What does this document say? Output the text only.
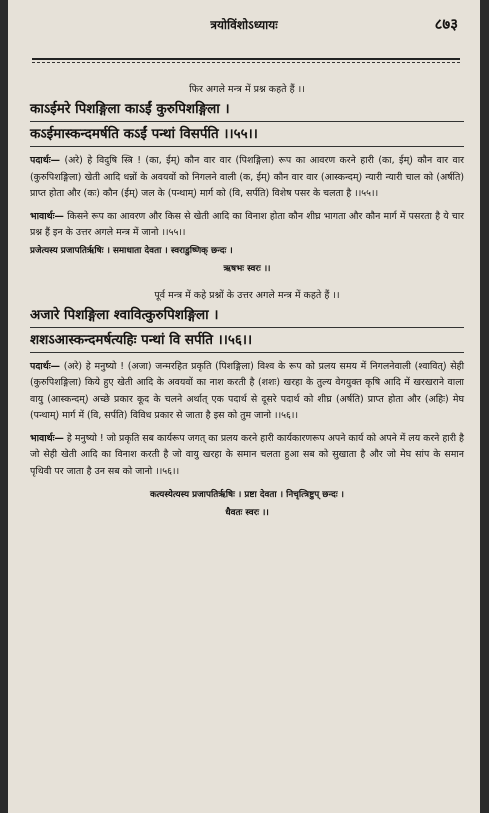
त्रयोविंशोऽध्यायः	८७३
फिर अगले मन्त्र में प्रश्न कहते हैं ।।
काऽईमरे पिशङ्गिला काऽईं कुरुपिशङ्गिला ।
कऽईमास्कन्दमर्षति कऽईं पन्थां विसर्पति ।।५५।।
पदार्थः— (अरे) हे विदुषि स्त्रि ! (का, ईम्) कौन वार वार (पिशङ्गिला) रूप का आवरण करने हारी (का, ईम्) कौन वार वार (कुरुपिशङ्गिला) खेती आदि धन्नों के अवयवों को निगलने वाली (क, ईम्) कौन वार वार (आस्कन्दम्) न्यारी न्यारी चाल को (अर्षति) प्राप्त होता और (कः) कौन (ईम्) जल के (पन्थाम्) मार्ग को (वि, सर्पति) विशेष पसर के चलता है ।।५५।।
भावार्थः— किसने रूप का आवरण और किस से खेती आदि का विनाश होता कौन शीघ्र भागता और कौन मार्ग में पसरता है ये चार प्रश्न हैं इन के उत्तर अगले मन्त्र में जानो ।।५५।।
प्रजेत्यस्य प्रजापतिर्ऋषिः । समाधाता देवता । स्वराडुष्णिक् छन्दः ।
ऋषभः स्वरः ।।
पूर्व मन्त्र में कहे प्रश्नों के उत्तर अगले मन्त्र में कहते हैं ।।
अजारे पिशङ्गिला श्वावित्कुरुपिशङ्गिला ।
शशऽआस्कन्दमर्षत्यहिः पन्थां वि सर्पति ।।५६।।
पदार्थः— (अरे) हे मनुष्यो ! (अजा) जन्मरहित प्रकृति (पिशङ्गिला) विश्व के रूप को प्रलय समय में निगलनेवाली (श्वावित्) सेही (कुरुपिशङ्गिला) किये हुए खेती आदि के अवयवों का नाश करती है (शशः) खरहा के तुल्य वेगयुक्त कृषि आदि में खरखराने वाला वायु (आस्कन्दम्) अच्छे प्रकार कूद के चलने अर्थात् एक पदार्थ से दूसरे पदार्थ को शीघ्र (अर्षति) प्राप्त होता और (अहिः) मेघ (पन्थाम्) मार्ग में (वि, सर्पति) विविध प्रकार से जाता है इस को तुम जानो ।।५६।।
भावार्थः— हे मनुष्यो ! जो प्रकृति सब कार्यरूप जगत् का प्रलय करने हारी कार्यकारणरूप अपने कार्य को अपने में लय करने हारी है जो सेही खेती आदि का विनाश करती है जो वायु खरहा के समान चलता हुआ सब को सुखाता है और जो मेघ सांप के समान पृथिवी पर जाता है उन सब को जानो ।।५६।।
कत्यस्येत्यस्य प्रजापतिर्ऋषिः । प्रष्टा देवता । निचृत्त्रिष्टुप् छन्दः ।
धैवतः स्वरः ।।
